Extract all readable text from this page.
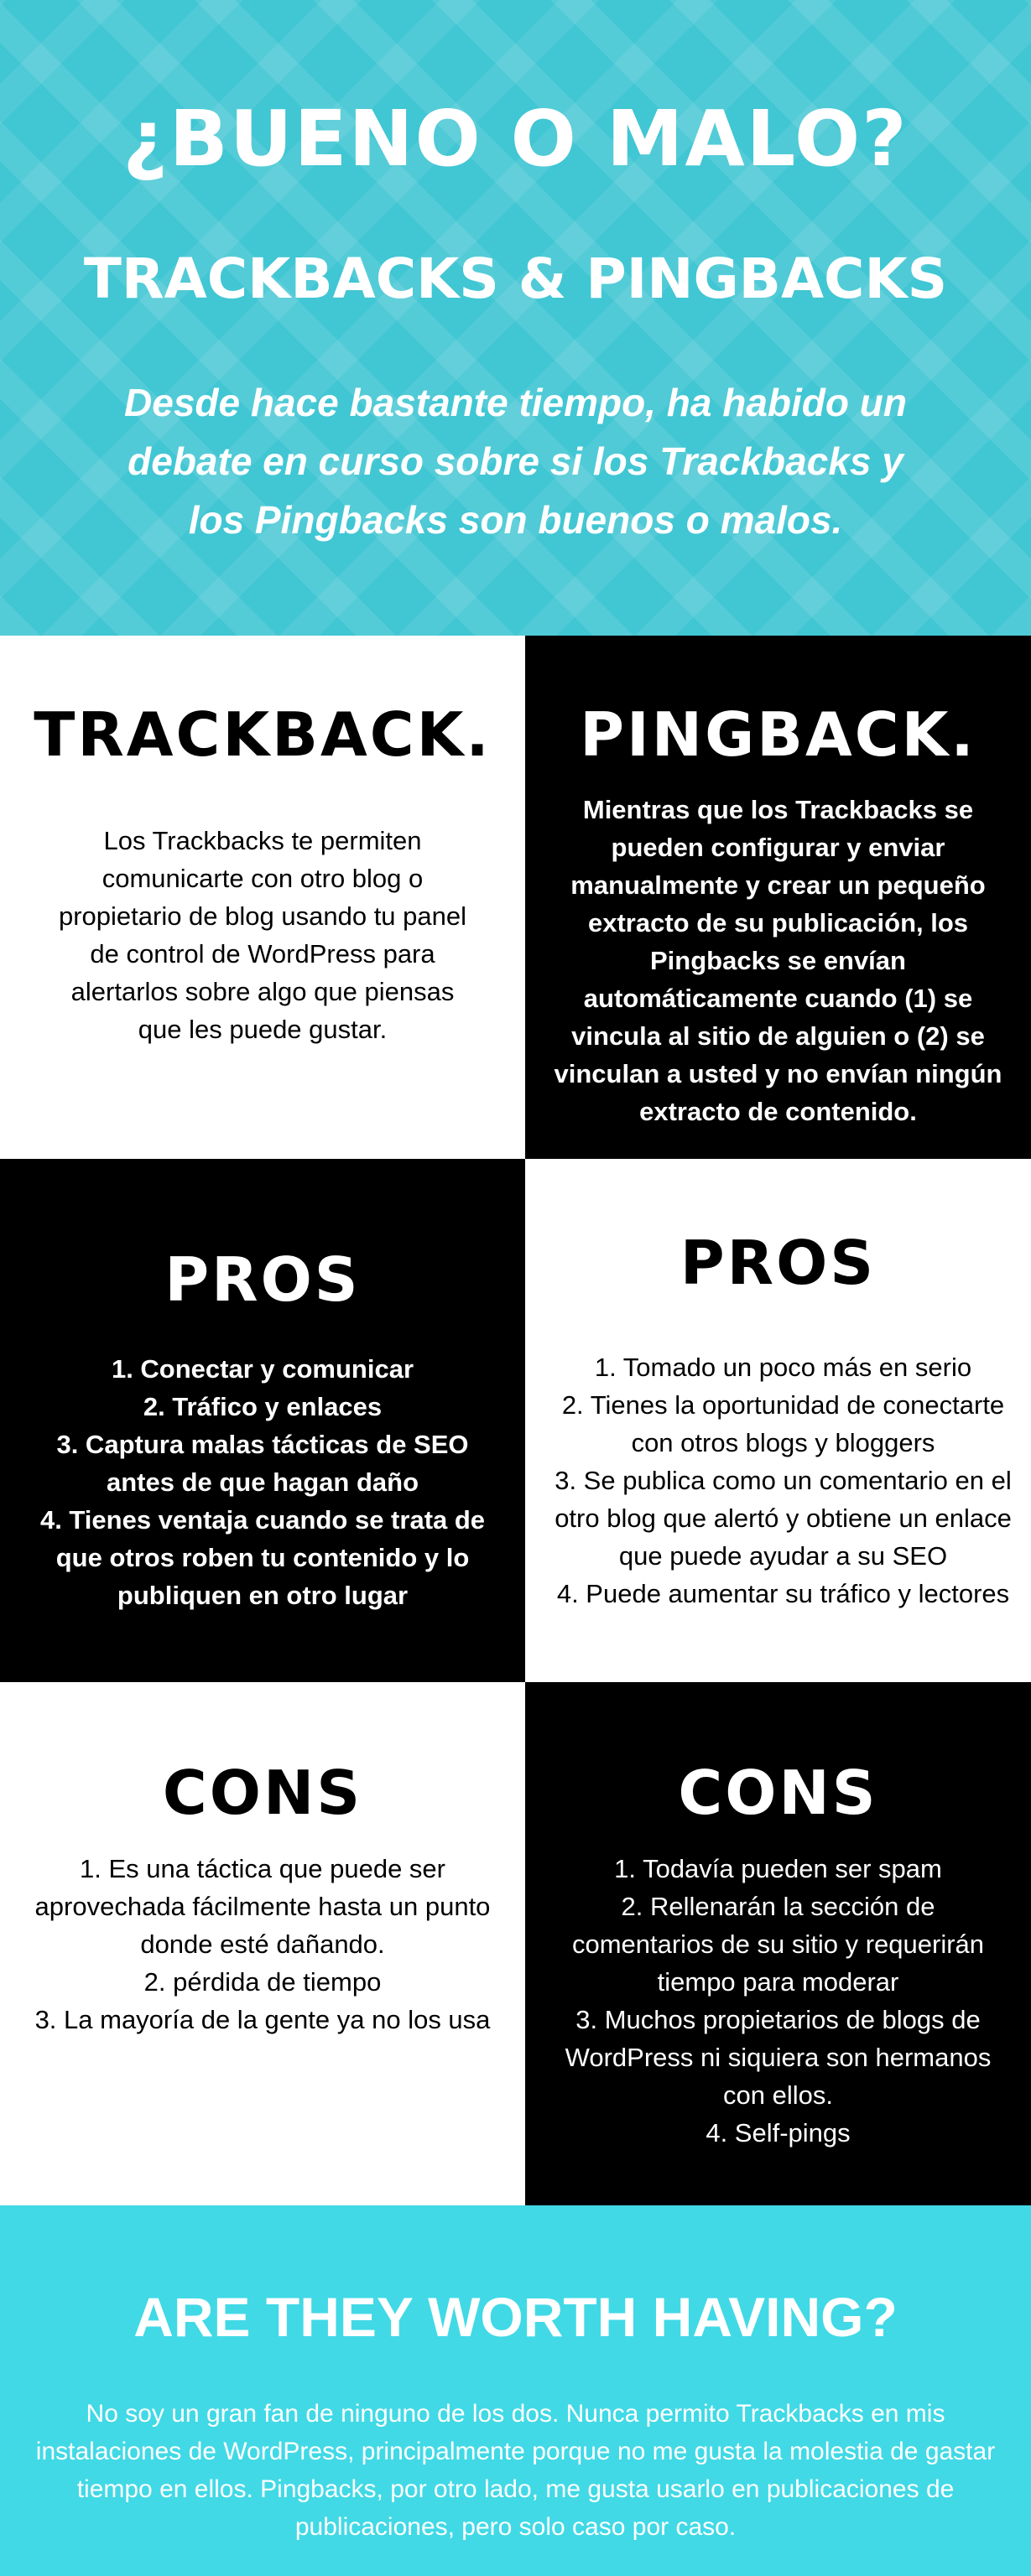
¿BUENO O MALO?
TRACKBACKS & PINGBACKS
Desde hace bastante tiempo, ha habido un debate en curso sobre si los Trackbacks y los Pingbacks son buenos o malos.
TRACKBACK.
Los Trackbacks te permiten comunicarte con otro blog o propietario de blog usando tu panel de control de WordPress para alertarlos sobre algo que piensas que les puede gustar.
PINGBACK.
Mientras que los Trackbacks se pueden configurar y enviar manualmente y crear un pequeño extracto de su publicación, los Pingbacks se envían automáticamente cuando (1) se vincula al sitio de alguien o (2) se vinculan a usted y no envían ningún extracto de contenido.
PROS
1. Conectar y comunicar
2. Tráfico y enlaces
3. Captura malas tácticas de SEO antes de que hagan daño
4. Tienes ventaja cuando se trata de que otros roben tu contenido y lo publiquen en otro lugar
PROS
1. Tomado un poco más en serio
2. Tienes la oportunidad de conectarte con otros blogs y bloggers
3. Se publica como un comentario en el otro blog que alertó y obtiene un enlace que puede ayudar a su SEO
4. Puede aumentar su tráfico y lectores
CONS
1. Es una táctica que puede ser aprovechada fácilmente hasta un punto donde esté dañando.
2. pérdida de tiempo
3. La mayoría de la gente ya no los usa
CONS
1. Todavía pueden ser spam
2. Rellenarán la sección de comentarios de su sitio y requerirán tiempo para moderar
3. Muchos propietarios de blogs de WordPress ni siquiera son hermanos con ellos.
4. Self-pings
ARE THEY WORTH HAVING?
No soy un gran fan de ninguno de los dos. Nunca permito Trackbacks en mis instalaciones de WordPress, principalmente porque no me gusta la molestia de gastar tiempo en ellos. Pingbacks, por otro lado, me gusta usarlo en publicaciones de publicaciones, pero solo caso por caso.
